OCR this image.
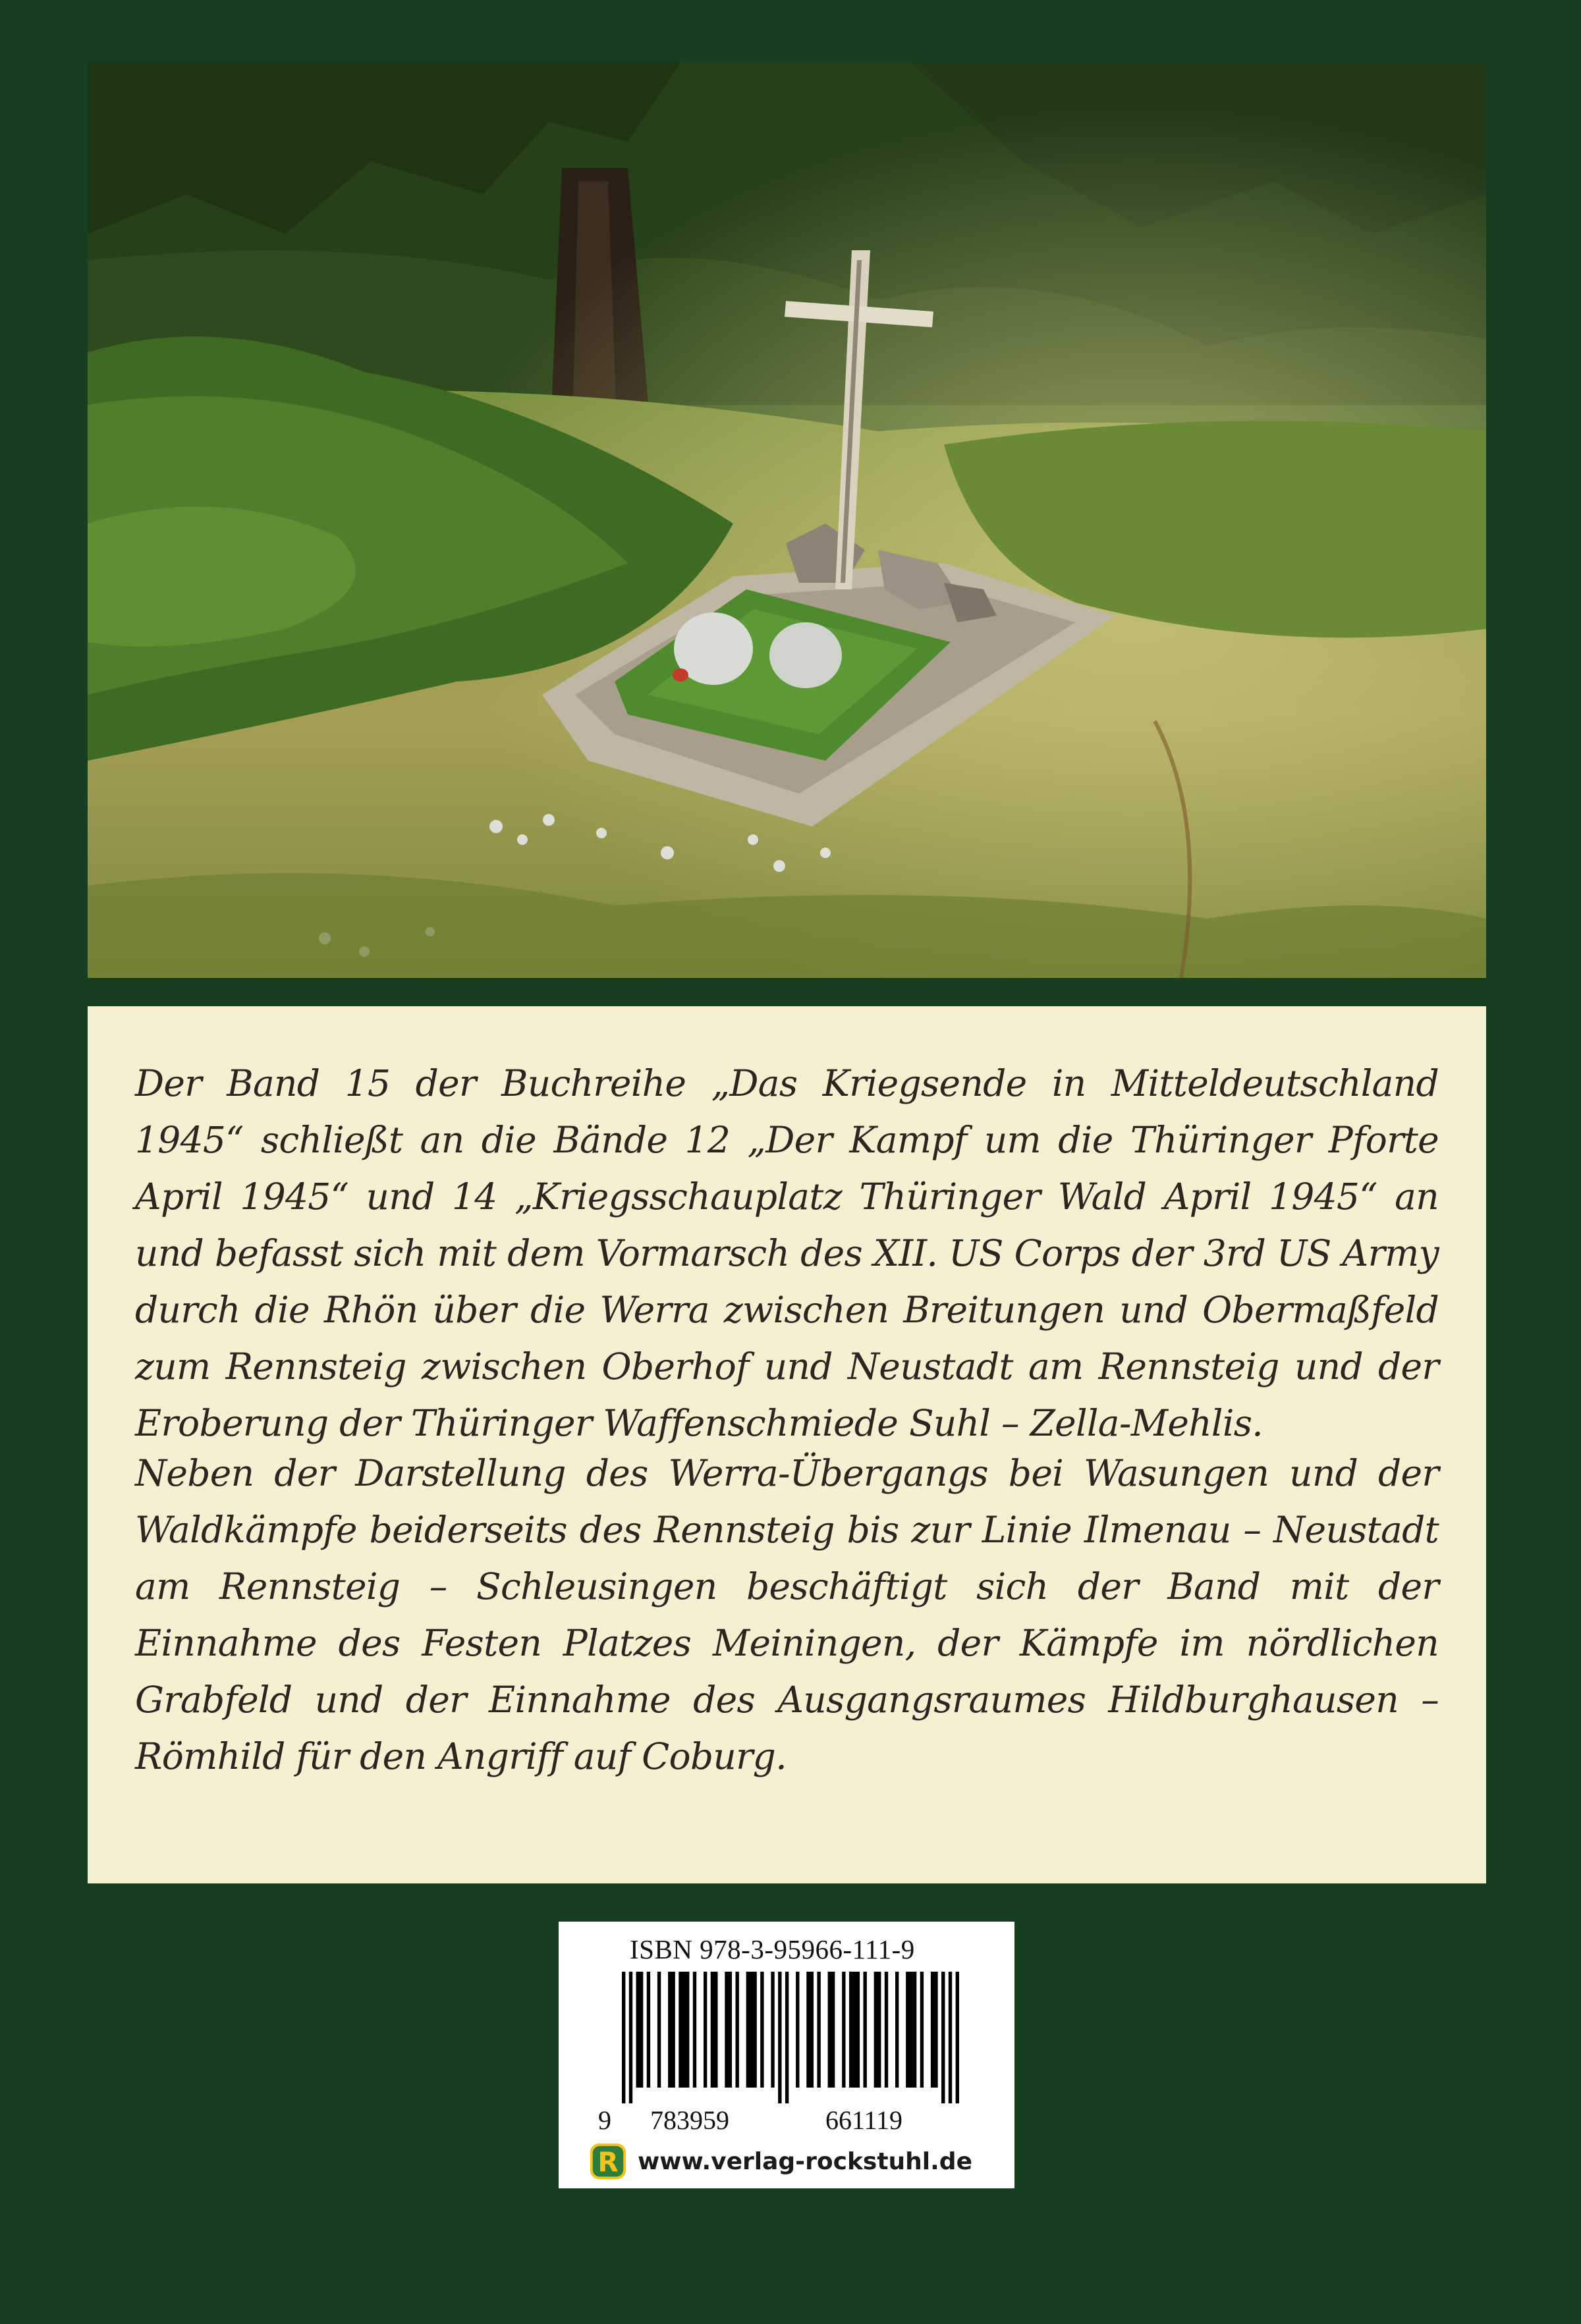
Der Band 15 der Buchreihe „Das Kriegsende in Mitteldeutschland 1945“ schließt an die Bände 12 „Der Kampf um die Thüringer Pforte April 1945“ und 14 „Kriegsschauplatz Thüringer Wald April 1945“ an und befasst sich mit dem Vormarsch des XII. US Corps der 3rd US Army durch die Rhön über die Werra zwischen Breitungen und Obermaßfeld zum Rennsteig zwischen Oberhof und Neustadt am Rennsteig und der Eroberung der Thüringer Waffenschmiede Suhl – Zella-Mehlis.

Neben der Darstellung des Werra-Übergangs bei Wasungen und der Waldkämpfe beiderseits des Rennsteig bis zur Linie Ilmenau – Neustadt am Rennsteig – Schleusingen beschäftigt sich der Band mit der Einnahme des Festen Platzes Meiningen, der Kämpfe im nördlichen Grabfeld und der Einnahme des Ausgangsraumes Hildburghausen – Römhild für den Angriff auf Coburg.

ISBN 978-3-95966-111-9
9 783959	661119
R www.verlag-rockstuhl.de
